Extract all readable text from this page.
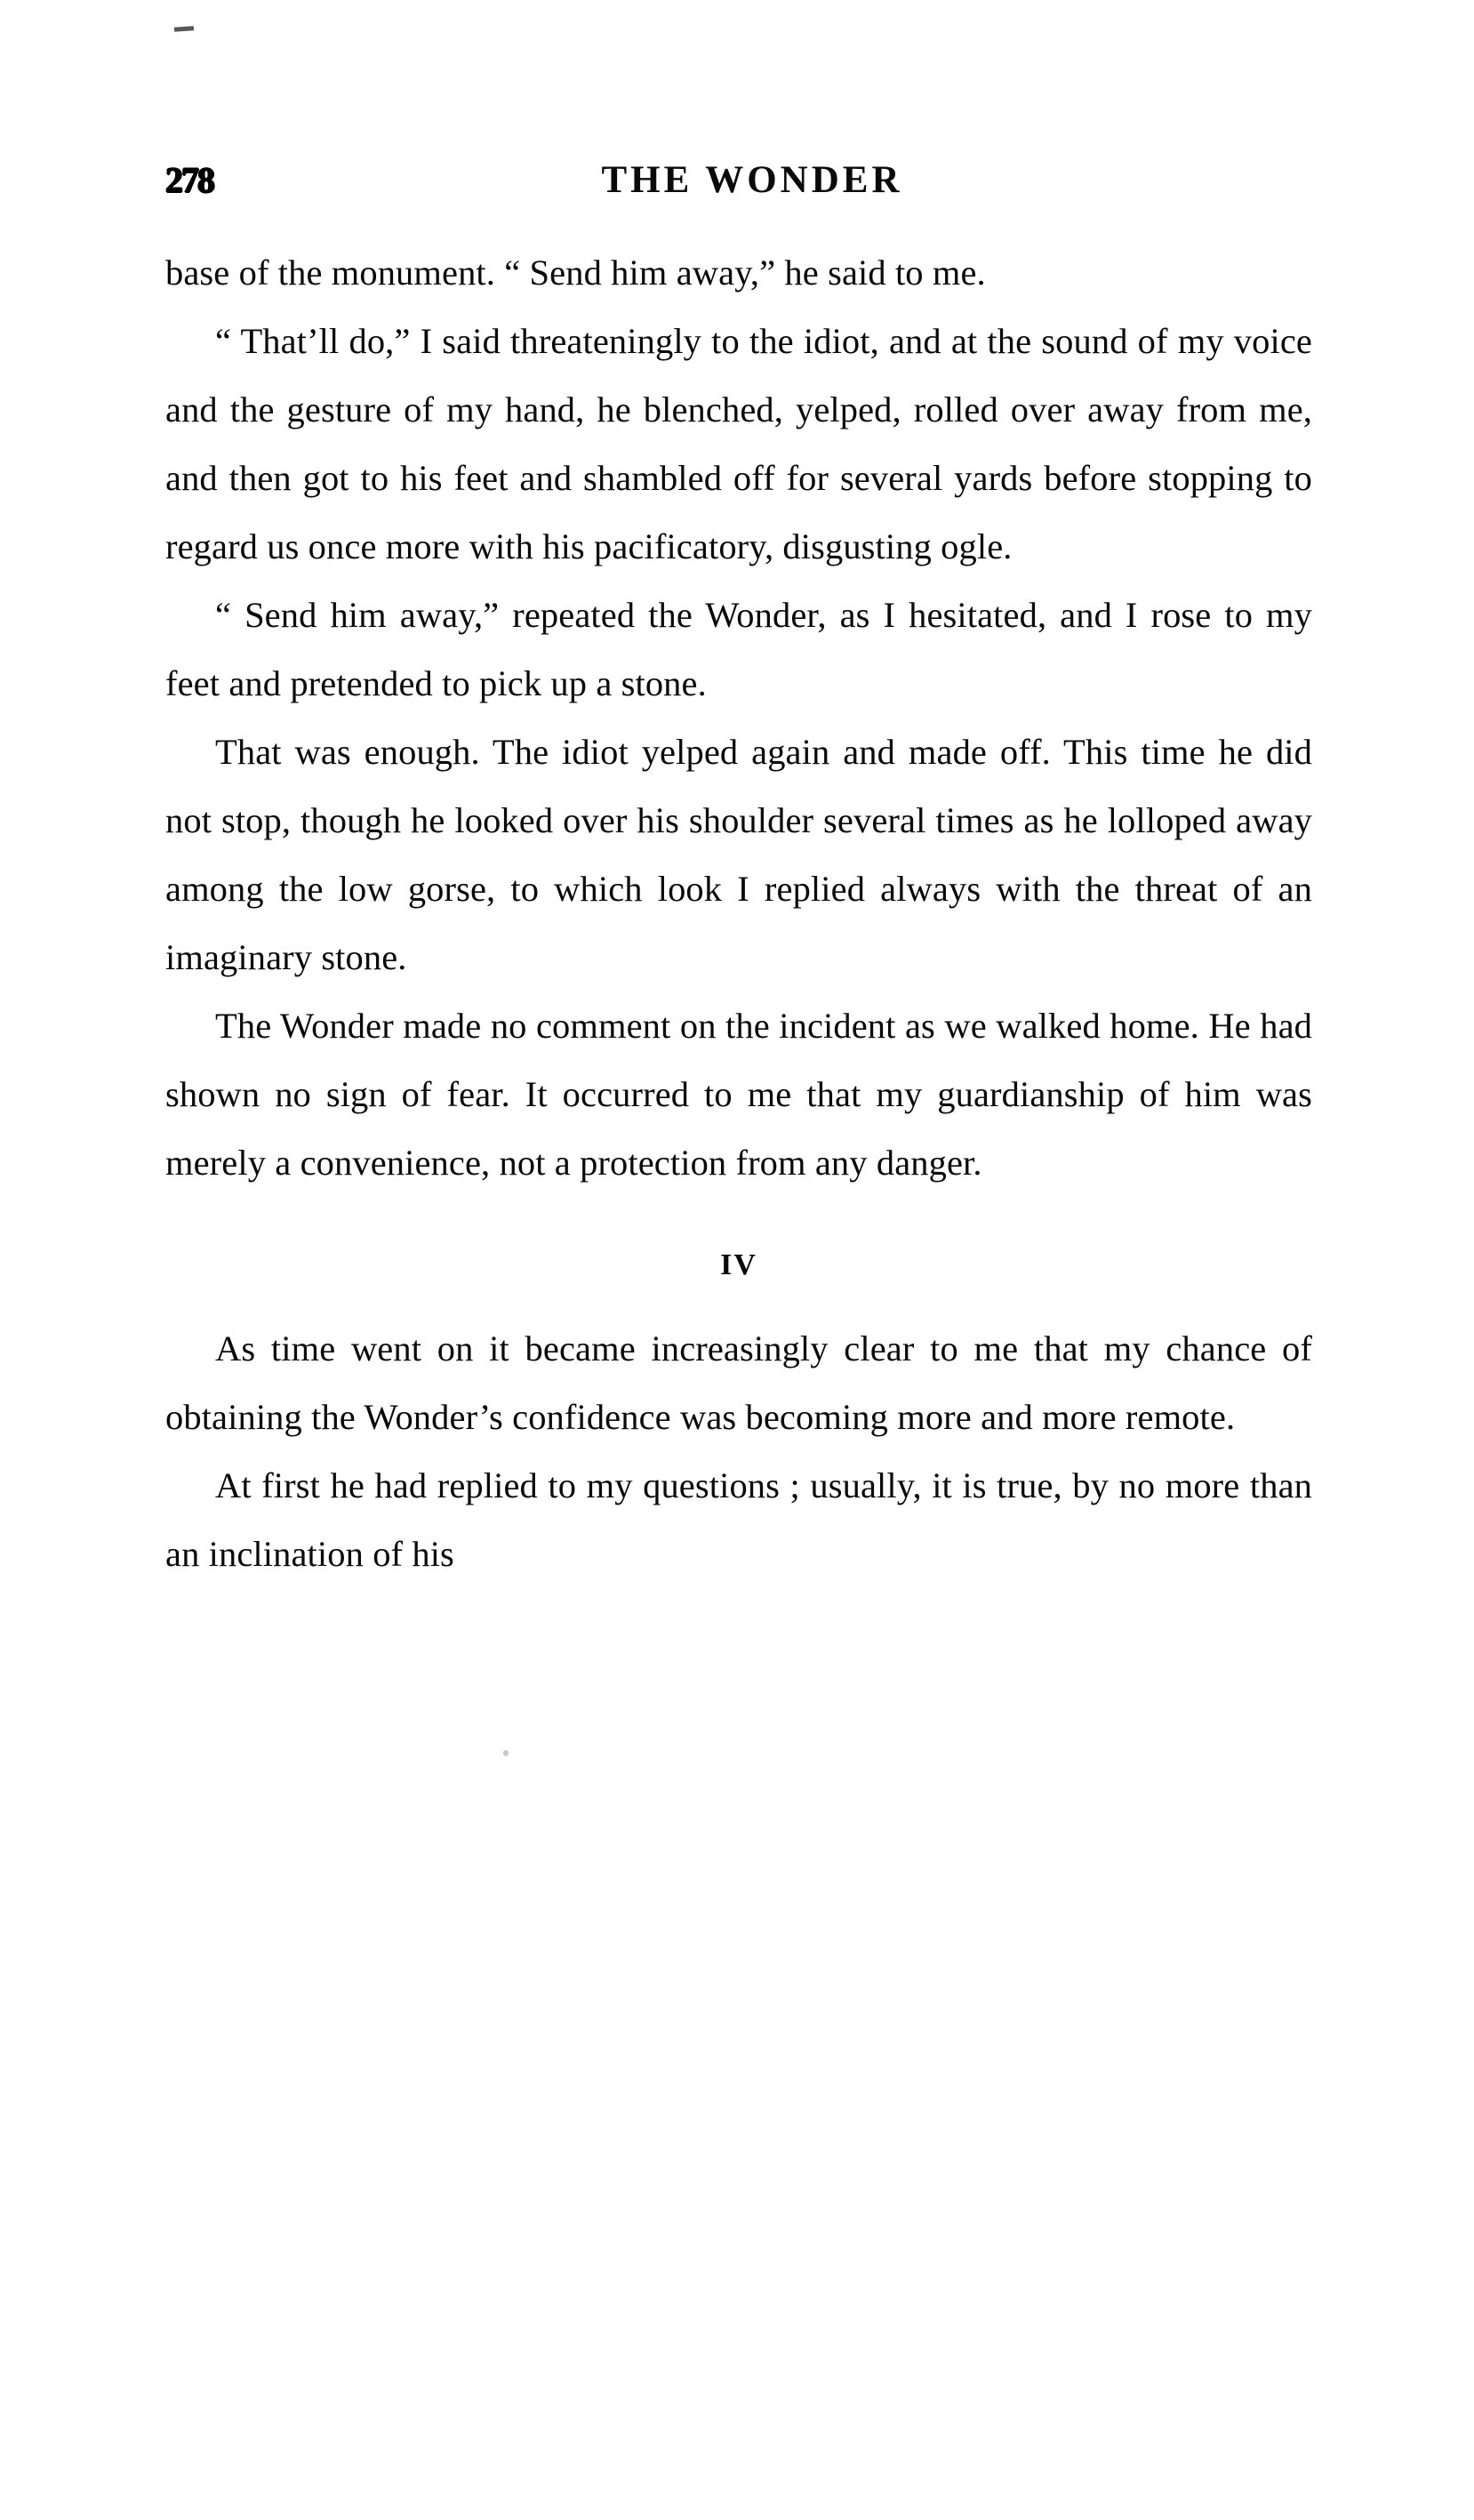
278	THE WONDER

base of the monument. “ Send him away,” he said to me.

“ That’ll do,” I said threateningly to the idiot, and at the sound of my voice and the gesture of my hand, he blenched, yelped, rolled over away from me, and then got to his feet and shambled off for several yards before stopping to regard us once more with his pacificatory, disgusting ogle.

“ Send him away,” repeated the Wonder, as I hesitated, and I rose to my feet and pretended to pick up a stone.

That was enough. The idiot yelped again and made off. This time he did not stop, though he looked over his shoulder several times as he lolloped away among the low gorse, to which look I replied always with the threat of an imaginary stone.

The Wonder made no comment on the incident as we walked home. He had shown no sign of fear. It occurred to me that my guardianship of him was merely a convenience, not a protection from any danger.

IV

As time went on it became increasingly clear to me that my chance of obtaining the Wonder’s confidence was becoming more and more remote.

At first he had replied to my questions ; usually, it is true, by no more than an inclination of his
